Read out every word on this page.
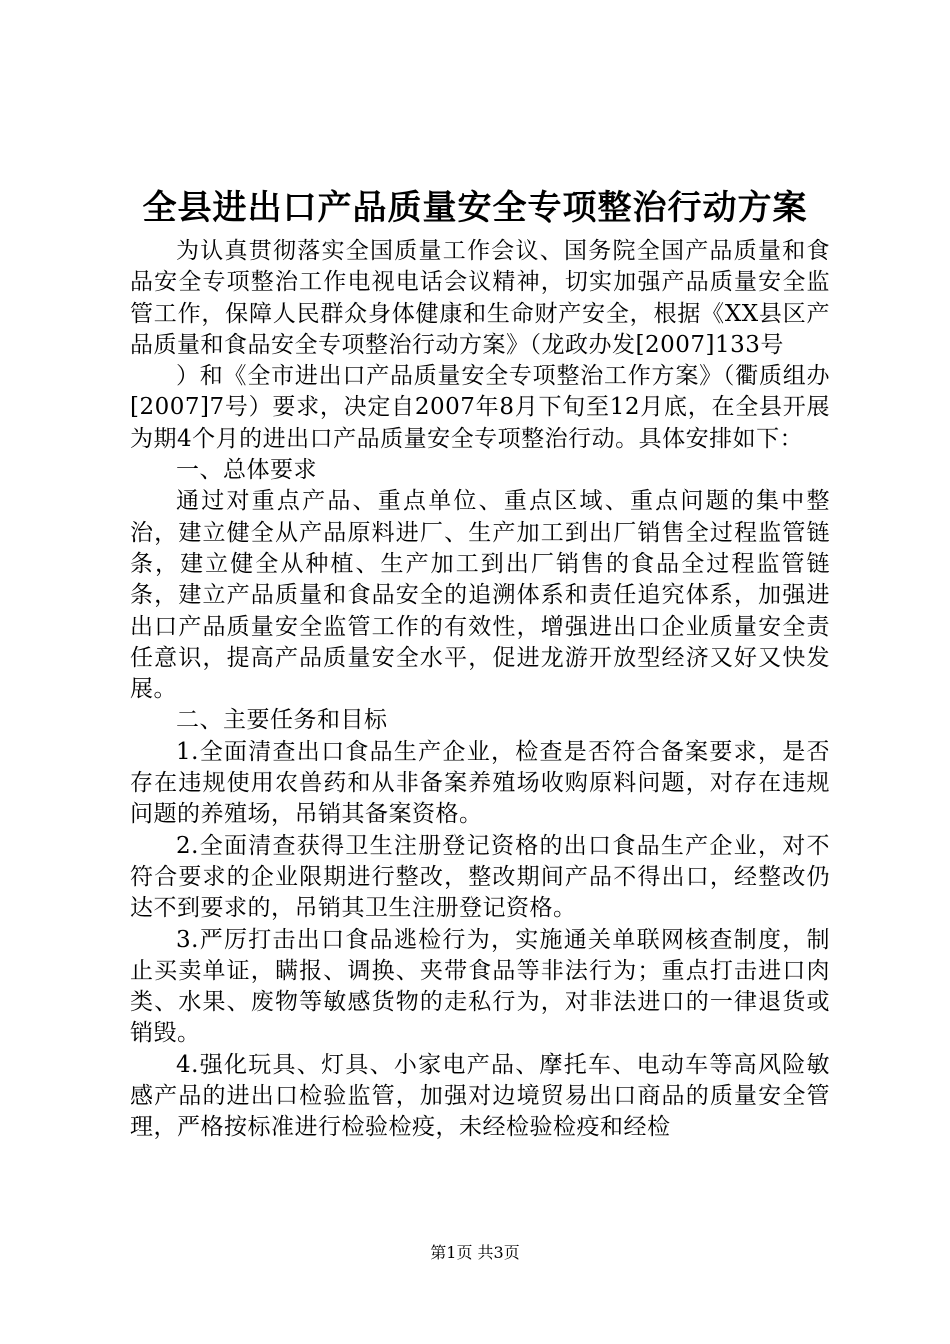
全县进出口产品质量安全专项整治行动方案

为认真贯彻落实全国质量工作会议、国务院全国产品质量和食品安全专项整治工作电视电话会议精神，切实加强产品质量安全监管工作，保障人民群众身体健康和生命财产安全，根据《XX县区产品质量和食品安全专项整治行动方案》（龙政办发[2007]133号

）和《全市进出口产品质量安全专项整治工作方案》（衢质组办[2007]7号）要求，决定自2007年8月下旬至12月底，在全县开展为期4个月的进出口产品质量安全专项整治行动。具体安排如下：

一、总体要求

通过对重点产品、重点单位、重点区域、重点问题的集中整治，建立健全从产品原料进厂、生产加工到出厂销售全过程监管链条，建立健全从种植、生产加工到出厂销售的食品全过程监管链条，建立产品质量和食品安全的追溯体系和责任追究体系，加强进出口产品质量安全监管工作的有效性，增强进出口企业质量安全责任意识，提高产品质量安全水平，促进龙游开放型经济又好又快发展。

二、主要任务和目标

1.全面清查出口食品生产企业，检查是否符合备案要求，是否存在违规使用农兽药和从非备案养殖场收购原料问题，对存在违规问题的养殖场，吊销其备案资格。

2.全面清查获得卫生注册登记资格的出口食品生产企业，对不符合要求的企业限期进行整改，整改期间产品不得出口，经整改仍达不到要求的，吊销其卫生注册登记资格。

3.严厉打击出口食品逃检行为，实施通关单联网核查制度，制止买卖单证，瞒报、调换、夹带食品等非法行为；重点打击进口肉类、水果、废物等敏感货物的走私行为，对非法进口的一律退货或销毁。

4.强化玩具、灯具、小家电产品、摩托车、电动车等高风险敏感产品的进出口检验监管，加强对边境贸易出口商品的质量安全管理，严格按标准进行检验检疫，未经检验检疫和经检

第1页 共3页
